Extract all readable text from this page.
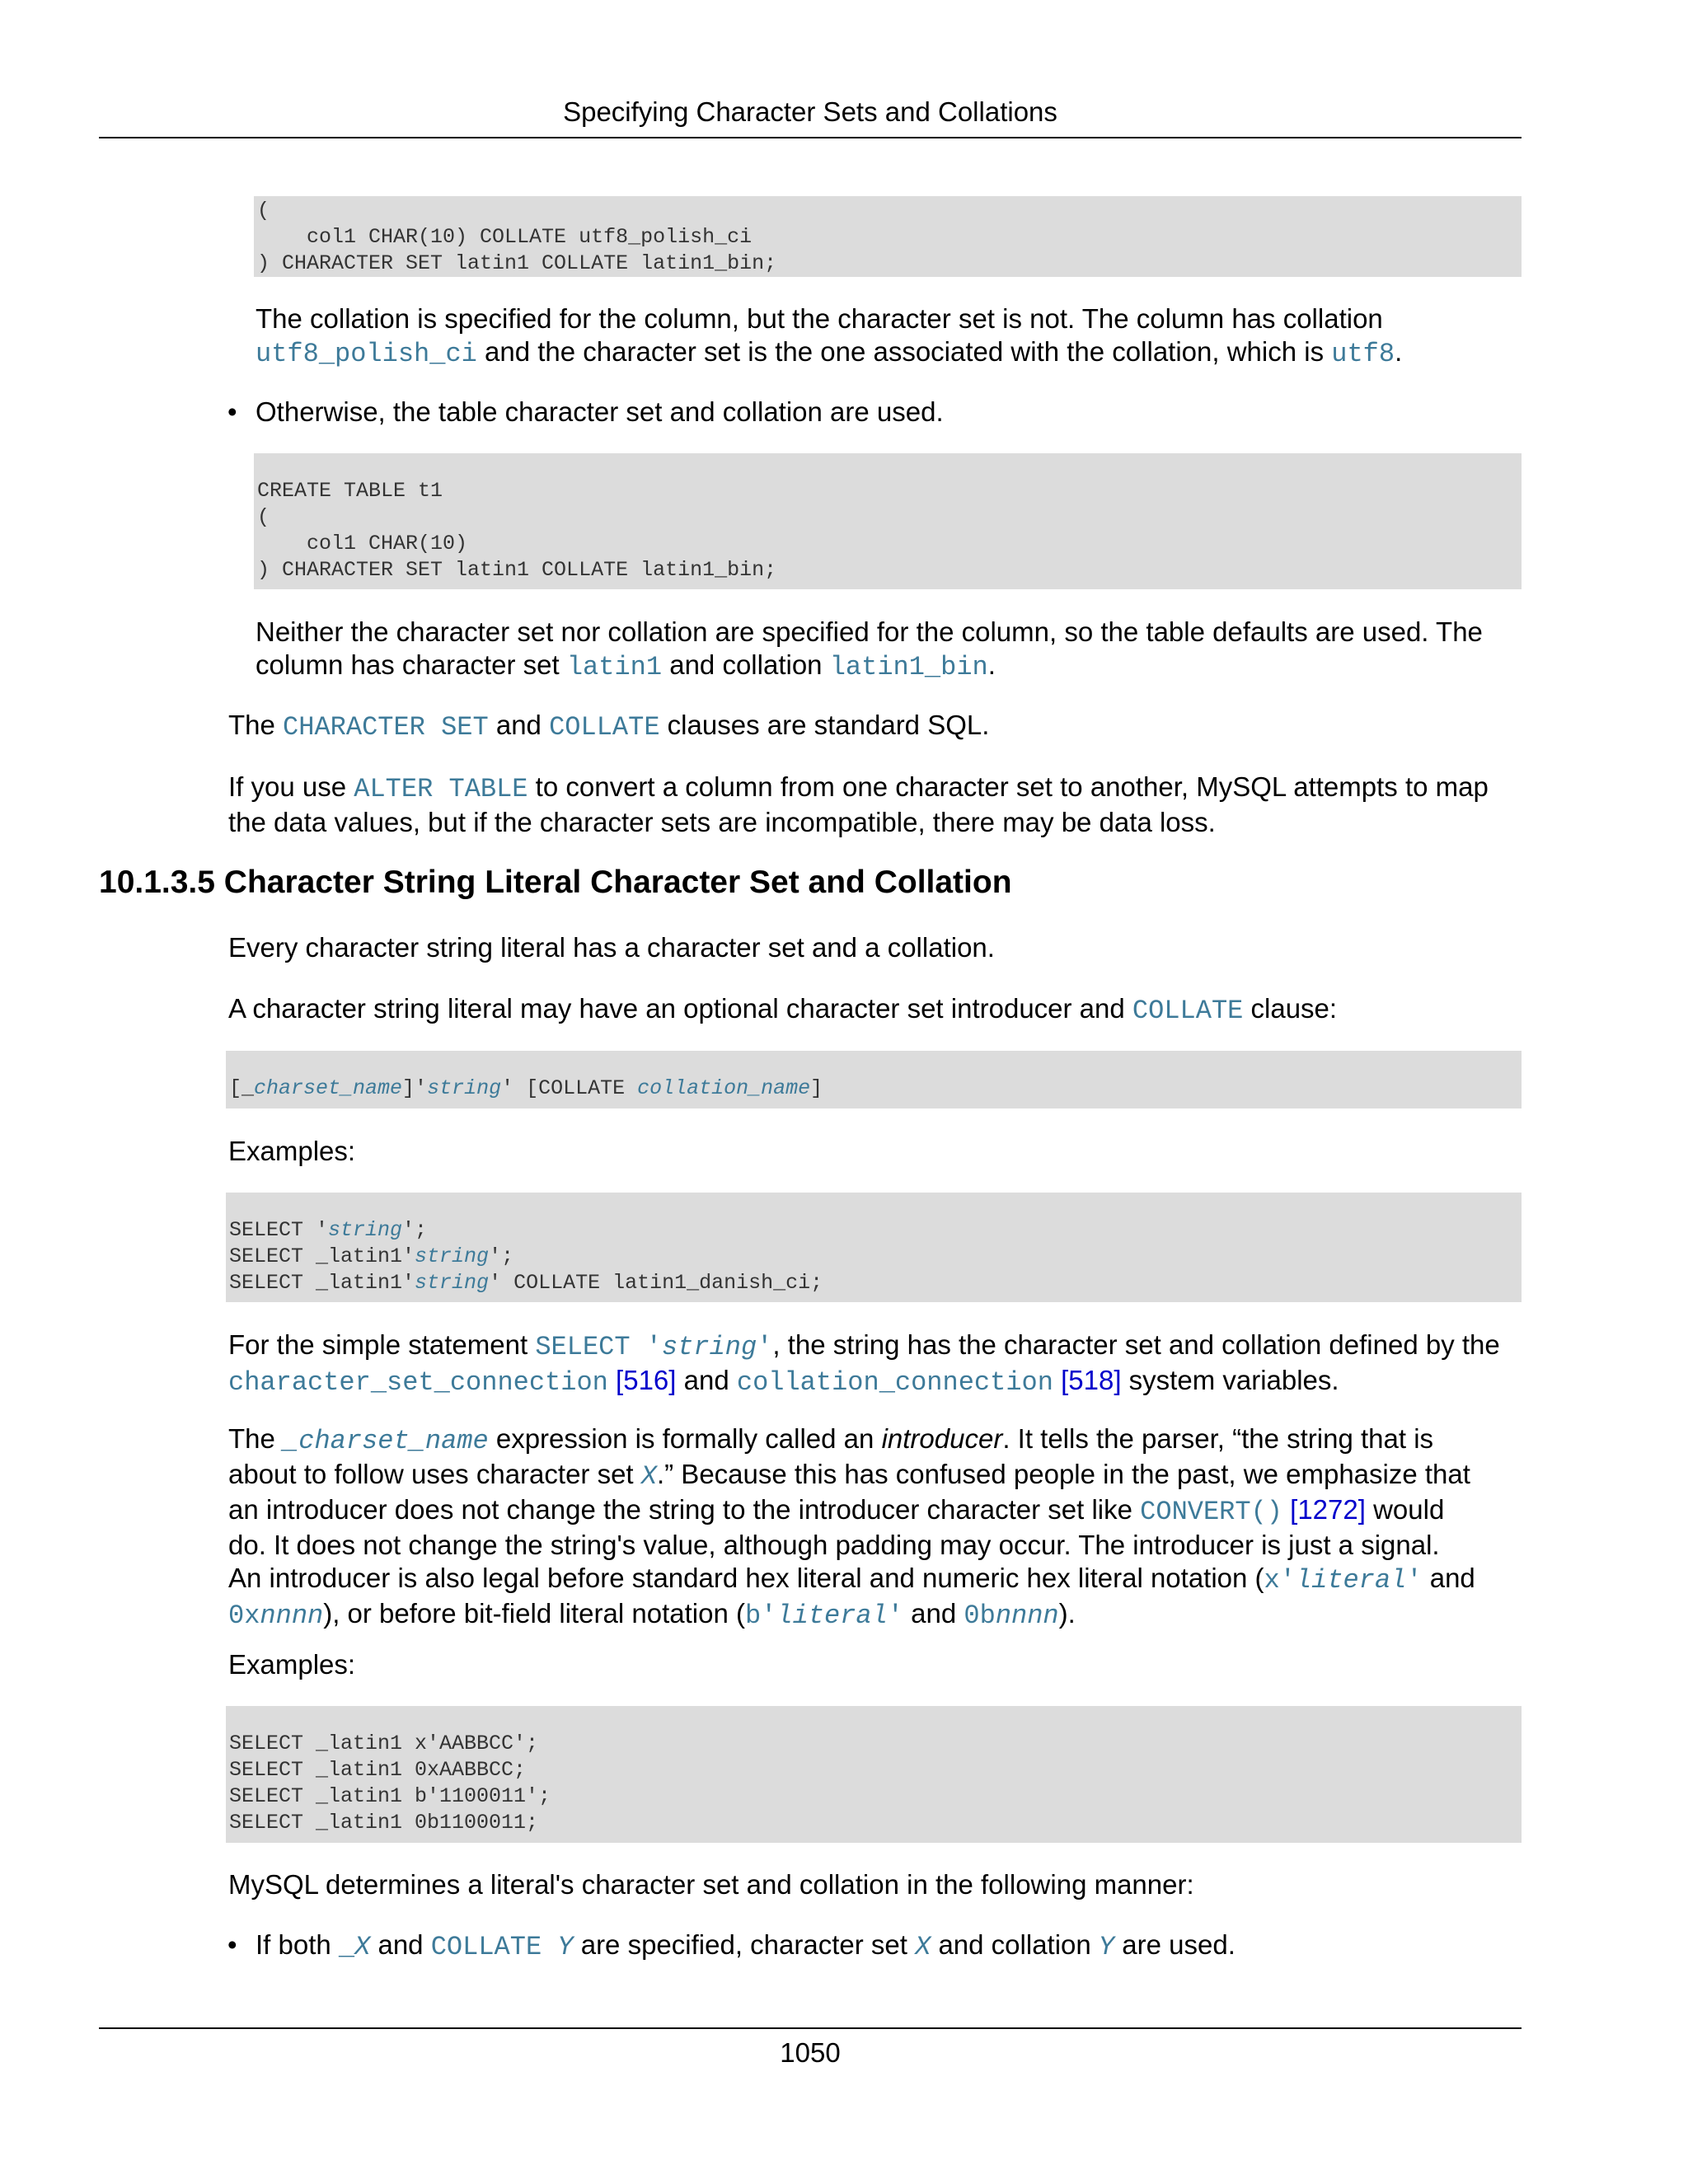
Specifying Character Sets and Collations
(
col1 CHAR(10) COLLATE utf8_polish_ci
) CHARACTER SET latin1 COLLATE latin1_bin;
The collation is specified for the column, but the character set is not. The column has collation
utf8_polish_ci and the character set is the one associated with the collation, which is utf8.
• Otherwise, the table character set and collation are used.
CREATE TABLE t1
(
col1 CHAR(10)
) CHARACTER SET latin1 COLLATE latin1_bin;
Neither the character set nor collation are specified for the column, so the table defaults are used. The
column has character set latin1 and collation latin1_bin.
The CHARACTER SET and COLLATE clauses are standard SQL.
If you use ALTER TABLE to convert a column from one character set to another, MySQL attempts to map
the data values, but if the character sets are incompatible, there may be data loss.
10.1.3.5 Character String Literal Character Set and Collation
Every character string literal has a character set and a collation.
A character string literal may have an optional character set introducer and COLLATE clause:
[_charset_name]'string' [COLLATE collation_name]
Examples:
SELECT 'string';
SELECT _latin1'string';
SELECT _latin1'string' COLLATE latin1_danish_ci;
For the simple statement SELECT 'string', the string has the character set and collation defined by the
character_set_connection [516] and collation_connection [518] system variables.
The _charset_name expression is formally called an introducer. It tells the parser, “the string that is
about to follow uses character set X.” Because this has confused people in the past, we emphasize that
an introducer does not change the string to the introducer character set like CONVERT() [1272] would
do. It does not change the string's value, although padding may occur. The introducer is just a signal.
An introducer is also legal before standard hex literal and numeric hex literal notation (x'literal' and
0xnnnn), or before bit-field literal notation (b'literal' and 0bnnnn).
Examples:
SELECT _latin1 x'AABBCC';
SELECT _latin1 0xAABBCC;
SELECT _latin1 b'1100011';
SELECT _latin1 0b1100011;
MySQL determines a literal's character set and collation in the following manner:
• If both _X and COLLATE Y are specified, character set X and collation Y are used.
1050
